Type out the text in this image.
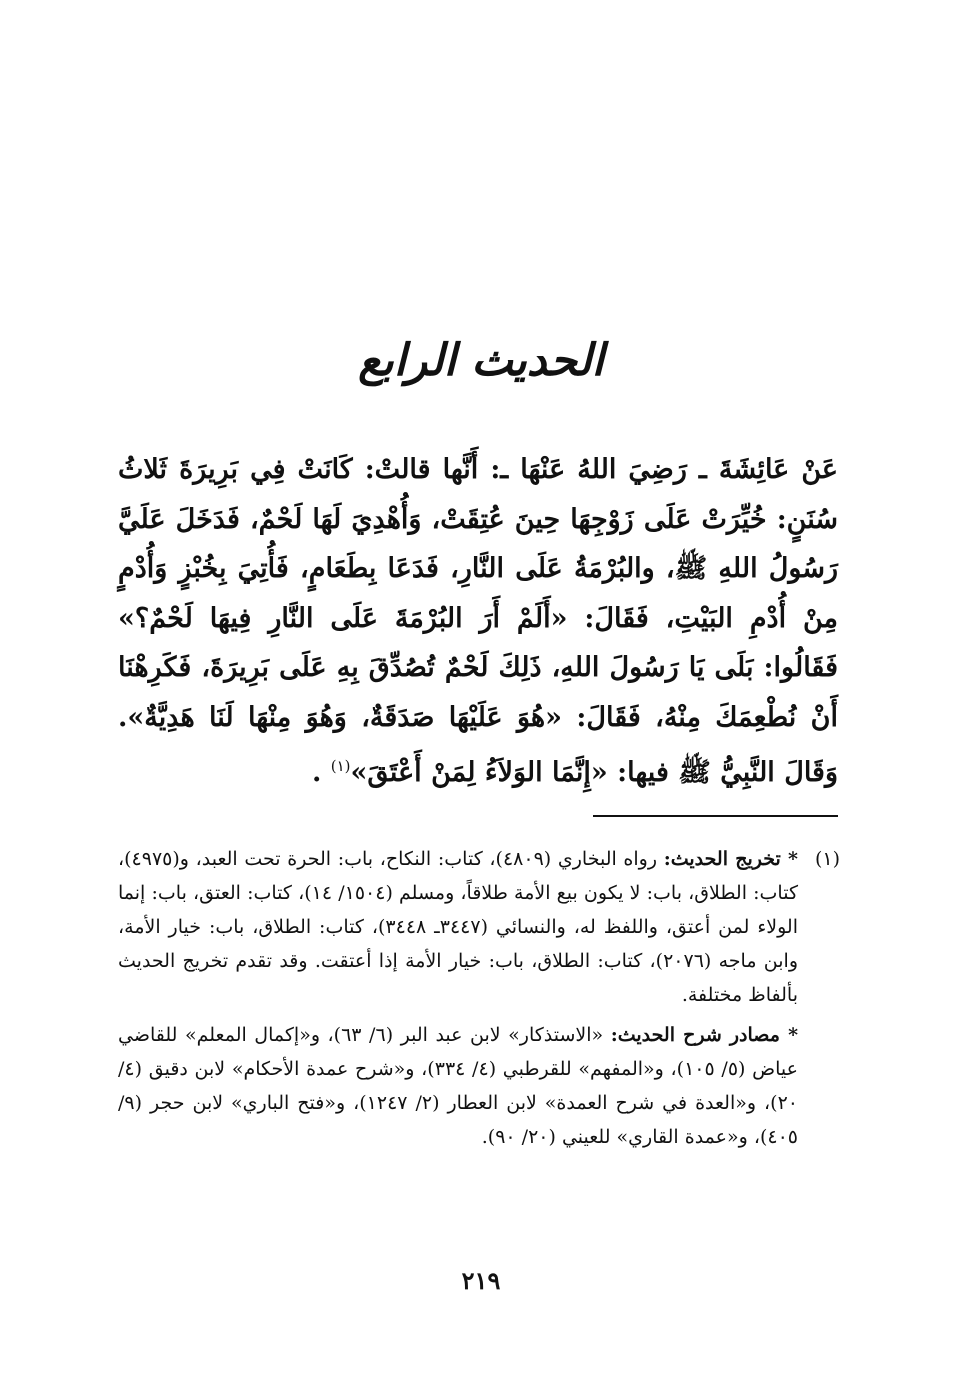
الحديث الرابع
عَنْ عَائِشَةَ ـ رَضِيَ اللهُ عَنْهَا ـ: أَنَّها قالتْ: كَانَتْ فِي بَرِيرَةَ ثَلاثُ سُنَنٍ: خُيِّرَتْ عَلَى زَوْجِهَا حِينَ عُتِقَتْ، وَأُهْدِيَ لَهَا لَحْمٌ، فَدَخَلَ عَلَيَّ رَسُولُ اللهِ ﷺ، والبُرْمَةُ عَلَى النَّارِ، فَدَعَا بِطَعَامٍ، فَأُتِيَ بِخُبْزٍ وَأُدْمٍ مِنْ أُدْمِ البَيْتِ، فَقَالَ: «أَلَمْ أَرَ البُرْمَةَ عَلَى النَّارِ فِيهَا لَحْمٌ؟» فَقَالُوا: بَلَى يَا رَسُولَ اللهِ، ذَلِكَ لَحْمٌ تُصُدِّقَ بِهِ عَلَى بَرِيرَةَ، فَكَرِهْنَا أَنْ نُطْعِمَكَ مِنْهُ، فَقَالَ: «هُوَ عَلَيْهَا صَدَقَةٌ، وَهُوَ مِنْهَا لَنَا هَدِيَّةٌ». وَقَالَ النَّبِيُّ ﷺ فيها: «إِنَّمَا الوَلاَءُ لِمَنْ أَعْتَقَ»$^{(١)}$ .
(١)

* تخريج الحديث: رواه البخاري (٤٨٠٩)، كتاب: النكاح، باب: الحرة تحت العبد، و(٤٩٧٥)، كتاب: الطلاق، باب: لا يكون بيع الأمة طلاقاً، ومسلم (١٥٠٤/ ١٤)، كتاب: العتق، باب: إنما الولاء لمن أعتق، واللفظ له، والنسائي (٣٤٤٧ـ ٣٤٤٨)، كتاب: الطلاق، باب: خيار الأمة، وابن ماجه (٢٠٧٦)، كتاب: الطلاق، باب: خيار الأمة إذا أعتقت. وقد تقدم تخريج الحديث بألفاظ مختلفة.

* مصادر شرح الحديث: «الاستذكار» لابن عبد البر (٦/ ٦٣)، و«إكمال المعلم» للقاضي عياض (٥/ ١٠٥)، و«المفهم» للقرطبي (٤/ ٣٣٤)، و«شرح عمدة الأحكام» لابن دقيق (٤/ ٢٠)، و«العدة في شرح العمدة» لابن العطار (٢/ ١٢٤٧)، و«فتح الباري» لابن حجر (٩/ ٤٠٥)، و«عمدة القاري» للعيني (٢٠/ ٩٠).

٢١٩
